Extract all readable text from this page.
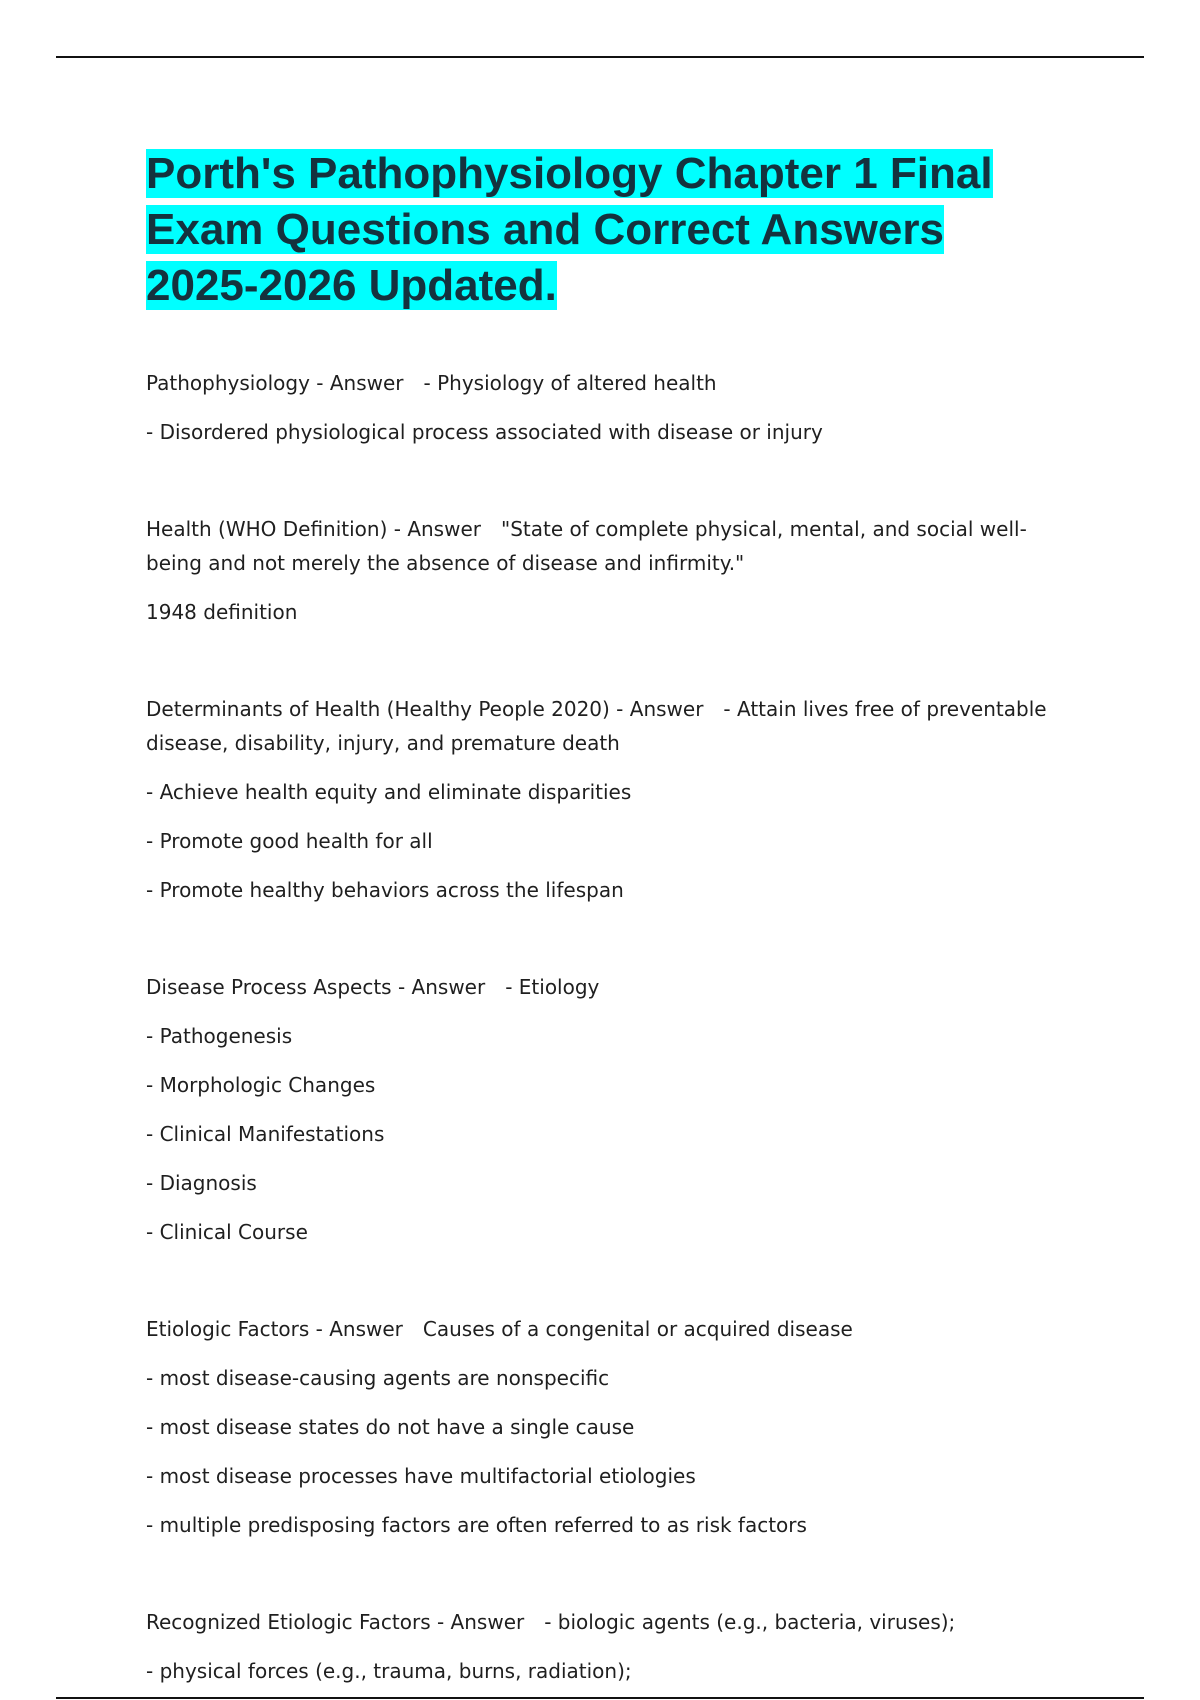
Porth's Pathophysiology Chapter 1 Final Exam Questions and Correct Answers 2025-2026 Updated.

Pathophysiology - Answer - Physiology of altered health

- Disordered physiological process associated with disease or injury

Health (WHO Definition) - Answer "State of complete physical, mental, and social well-being and not merely the absence of disease and infirmity."

1948 definition

Determinants of Health (Healthy People 2020) - Answer - Attain lives free of preventable disease, disability, injury, and premature death

- Achieve health equity and eliminate disparities

- Promote good health for all

- Promote healthy behaviors across the lifespan

Disease Process Aspects - Answer - Etiology

- Pathogenesis

- Morphologic Changes

- Clinical Manifestations

- Diagnosis

- Clinical Course

Etiologic Factors - Answer Causes of a congenital or acquired disease

- most disease-causing agents are nonspecific

- most disease states do not have a single cause

- most disease processes have multifactorial etiologies

- multiple predisposing factors are often referred to as risk factors

Recognized Etiologic Factors - Answer - biologic agents (e.g., bacteria, viruses);

- physical forces (e.g., trauma, burns, radiation);
